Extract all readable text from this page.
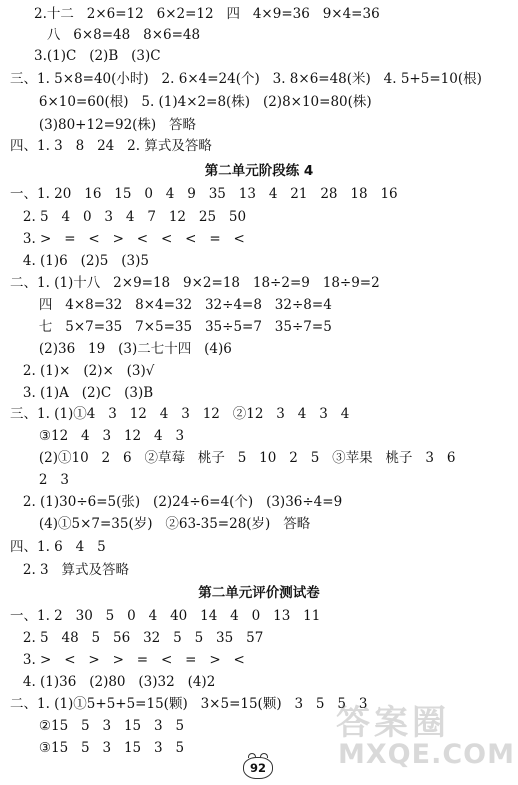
2.十二   2×6=12   6×2=12   四   4×9=36   9×4=36
八   6×8=48   8×6=48
3.(1)C   (2)B   (3)C
三、1. 5×8=40(小时)   2. 6×4=24(个)   3. 8×6=48(米)   4. 5+5=10(根)
6×10=60(根)   5. (1)4×2=8(株)   (2)8×10=80(株)
(3)80+12=92(株)   答略
四、1. 3   8   24   2. 算式及答略
第二单元阶段练 4
一、1. 20   16   15   0   4   9   35   13   4   21   28   18   16
2. 5   4   0   3   4   7   12   25   50
3. >   =   <   >   <   <   <   =   <
4. (1)6   (2)5   (3)5
二、1. (1)十八   2×9=18   9×2=18   18÷2=9   18÷9=2
四   4×8=32   8×4=32   32÷4=8   32÷8=4
七   5×7=35   7×5=35   35÷5=7   35÷7=5
(2)36   19   (3)二七十四   (4)6
2. (1)×   (2)×   (3)√
3. (1)A   (2)C   (3)B
三、1. (1)①4   3   12   4   3   12   ②12   3   4   3   4
③12   4   3   12   4   3
(2)①10   2   6   ②草莓   桃子   5   10   2   5   ③苹果   桃子   3   6
2   3
2. (1)30÷6=5(张)   (2)24÷6=4(个)   (3)36÷4=9
(4)①5×7=35(岁)   ②63-35=28(岁)   答略
四、1. 6   4   5
2. 3   算式及答略
第二单元评价测试卷
一、1. 2   30   5   0   4   40   14   4   0   13   11
2. 5   48   5   56   32   5   5   35   57
3. >   <   >   >   =   <   =   >   <
4. (1)36   (2)80   (3)32   (4)2
二、1. (1)①5+5+5=15(颗)   3×5=15(颗)   3   5   5   3
②15   5   3   15   3   5
③15   5   3   15   3   5
92
答案圈
MXQE.COM
